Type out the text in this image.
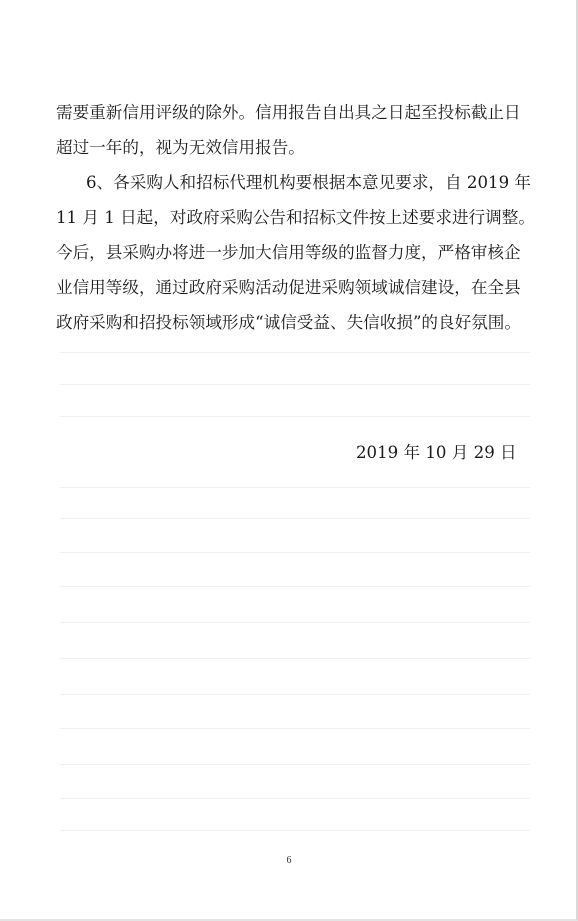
需要重新信用评级的除外。信用报告自出具之日起至投标截止日
超过一年的，视为无效信用报告。
6、各采购人和招标代理机构要根据本意见要求，自 2019 年
11 月 1 日起，对政府采购公告和招标文件按上述要求进行调整。
今后，县采购办将进一步加大信用等级的监督力度，严格审核企
业信用等级，通过政府采购活动促进采购领域诚信建设，在全县
政府采购和招投标领域形成“诚信受益、失信收损”的良好氛围。
2019 年 10 月 29 日
6
